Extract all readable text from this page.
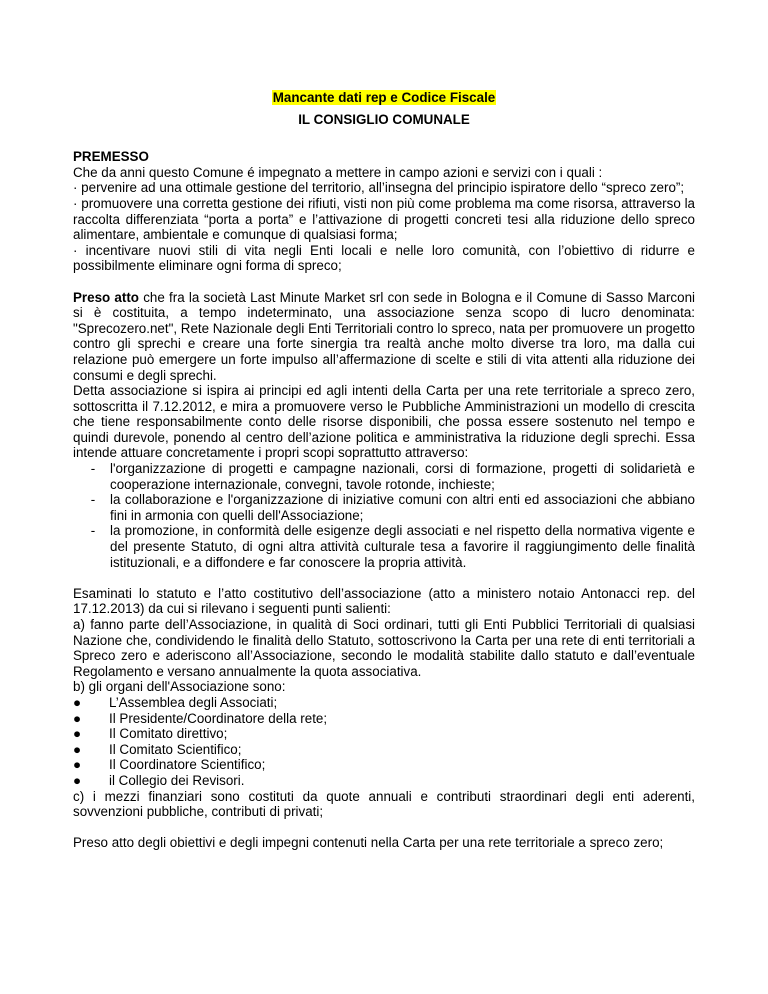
Mancante dati rep e Codice Fiscale
IL CONSIGLIO COMUNALE
PREMESSO

Che da anni questo Comune é impegnato a mettere in campo azioni e servizi con i quali :

· pervenire ad una ottimale gestione del territorio, all’insegna del principio ispiratore dello “spreco zero”;

· promuovere una corretta gestione dei rifiuti, visti non più come problema ma come risorsa, attraverso la raccolta differenziata “porta a porta” e l’attivazione di progetti concreti tesi alla riduzione dello spreco alimentare, ambientale e comunque di qualsiasi forma;

· incentivare nuovi stili di vita negli Enti locali e nelle loro comunità, con l’obiettivo di ridurre e possibilmente eliminare ogni forma di spreco;

Preso atto che fra la società Last Minute Market srl con sede in Bologna e il Comune di Sasso Marconi si è costituita, a tempo indeterminato, una associazione senza scopo di lucro denominata: "Sprecozero.net", Rete Nazionale degli Enti Territoriali contro lo spreco, nata per promuovere un progetto contro gli sprechi e creare una forte sinergia tra realtà anche molto diverse tra loro, ma dalla cui relazione può emergere un forte impulso all’affermazione di scelte e stili di vita attenti alla riduzione dei consumi e degli sprechi.

Detta associazione si ispira ai principi ed agli intenti della Carta per una rete territoriale a spreco zero, sottoscritta il 7.12.2012, e mira a promuovere verso le Pubbliche Amministrazioni un modello di crescita che tiene responsabilmente conto delle risorse disponibili, che possa essere sostenuto nel tempo e quindi durevole, ponendo al centro dell’azione politica e amministrativa la riduzione degli sprechi. Essa intende attuare concretamente i propri scopi soprattutto attraverso:

-	l'organizzazione di progetti e campagne nazionali, corsi di formazione, progetti di solidarietà e cooperazione internazionale, convegni, tavole rotonde, inchieste;
-	la collaborazione e l'organizzazione di iniziative comuni con altri enti ed associazioni che abbiano fini in armonia con quelli dell'Associazione;
-	la promozione, in conformità delle esigenze degli associati e nel rispetto della normativa vigente e del presente Statuto, di ogni altra attività culturale tesa a favorire il raggiungimento delle finalità istituzionali, e a diffondere e far conoscere la propria attività.

Esaminati lo statuto e l’atto costitutivo dell’associazione (atto a ministero notaio Antonacci rep. del 17.12.2013) da cui si rilevano i seguenti punti salienti:

a) fanno parte dell’Associazione, in qualità di Soci ordinari, tutti gli Enti Pubblici Territoriali di qualsiasi Nazione che, condividendo le finalità dello Statuto, sottoscrivono la Carta per una rete di enti territoriali a Spreco zero e aderiscono all’Associazione, secondo le modalità stabilite dallo statuto e dall’eventuale Regolamento e versano annualmente la quota associativa.

b) gli organi dell'Associazione sono:

●	L’Assemblea degli Associati;
●	Il Presidente/Coordinatore della rete;
●	Il Comitato direttivo;
●	Il Comitato Scientifico;
●	Il Coordinatore Scientifico;
●	il Collegio dei Revisori.

c) i mezzi finanziari sono costituti da quote annuali e contributi straordinari degli enti aderenti, sovvenzioni pubbliche, contributi di privati;

Preso atto degli obiettivi e degli impegni contenuti nella Carta per una rete territoriale a spreco zero;
